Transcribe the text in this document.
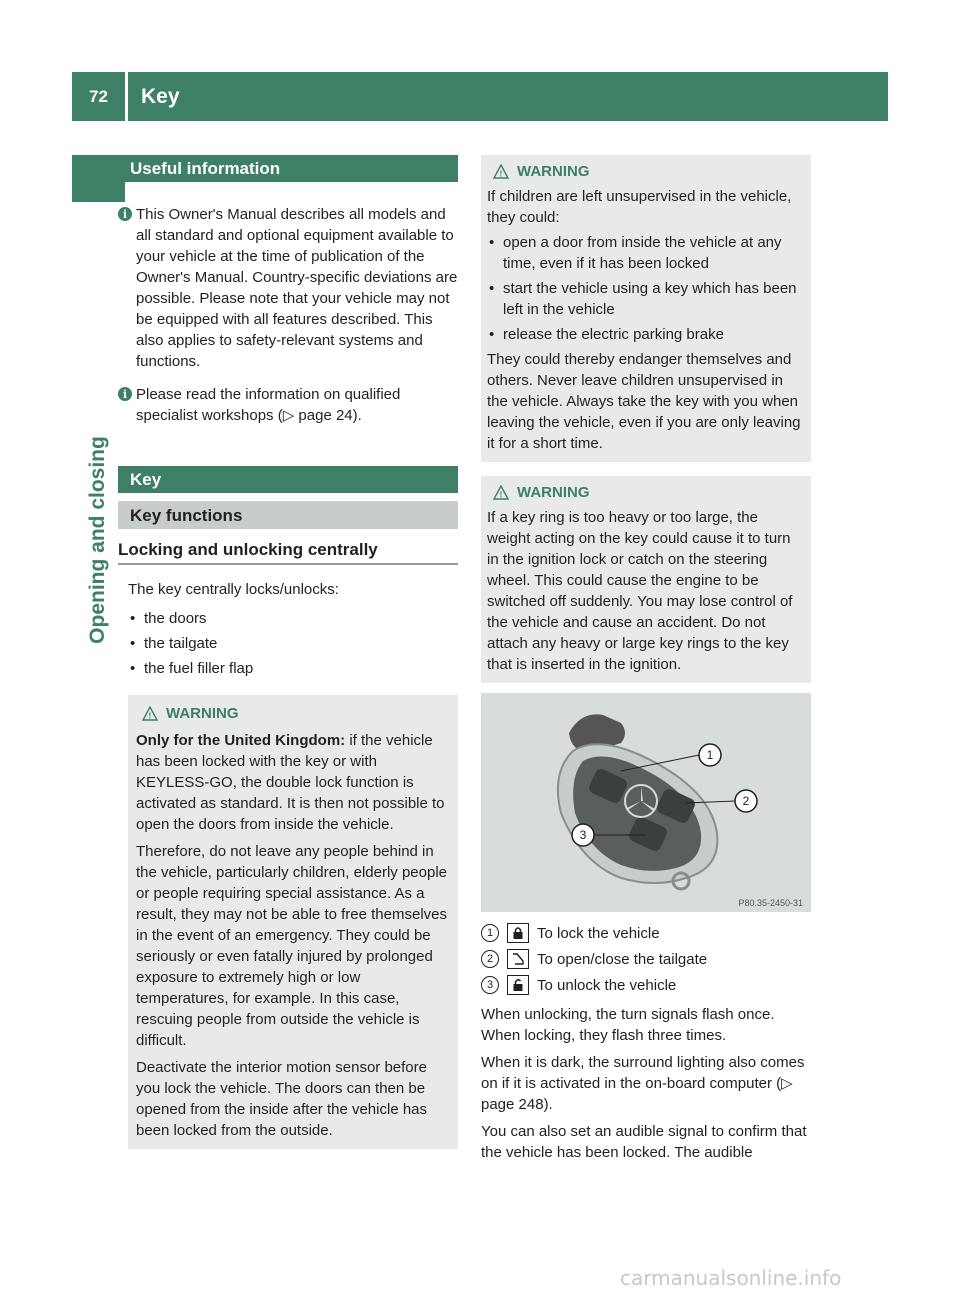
72	Key
Opening and closing
Useful information
i This Owner's Manual describes all models and all standard and optional equipment available to your vehicle at the time of publication of the Owner's Manual. Country-specific deviations are possible. Please note that your vehicle may not be equipped with all features described. This also applies to safety-relevant systems and functions.
i Please read the information on qualified specialist workshops (▷ page 24).
Key
Key functions
Locking and unlocking centrally
The key centrally locks/unlocks:
• the doors
• the tailgate
• the fuel filler flap
! WARNING
Only for the United Kingdom: if the vehicle has been locked with the key or with KEYLESS-GO, the double lock function is activated as standard. It is then not possible to open the doors from inside the vehicle.
Therefore, do not leave any people behind in the vehicle, particularly children, elderly people or people requiring special assistance. As a result, they may not be able to free themselves in the event of an emergency. They could be seriously or even fatally injured by prolonged exposure to extremely high or low temperatures, for example. In this case, rescuing people from outside the vehicle is difficult.
Deactivate the interior motion sensor before you lock the vehicle. The doors can then be opened from the inside after the vehicle has been locked from the outside.
! WARNING
If children are left unsupervised in the vehicle, they could:
• open a door from inside the vehicle at any time, even if it has been locked
• start the vehicle using a key which has been left in the vehicle
• release the electric parking brake
They could thereby endanger themselves and others. Never leave children unsupervised in the vehicle. Always take the key with you when leaving the vehicle, even if you are only leaving it for a short time.
! WARNING
If a key ring is too heavy or too large, the weight acting on the key could cause it to turn in the ignition lock or catch on the steering wheel. This could cause the engine to be switched off suddenly. You may lose control of the vehicle and cause an accident. Do not attach any heavy or large key rings to the key that is inserted in the ignition.
1
2
3
P80.35-2450-31
1	To lock the vehicle
2	To open/close the tailgate
3	To unlock the vehicle
When unlocking, the turn signals flash once. When locking, they flash three times.
When it is dark, the surround lighting also comes on if it is activated in the on-board computer (▷ page 248).
You can also set an audible signal to confirm that the vehicle has been locked. The audible
carmanualsonline.info
